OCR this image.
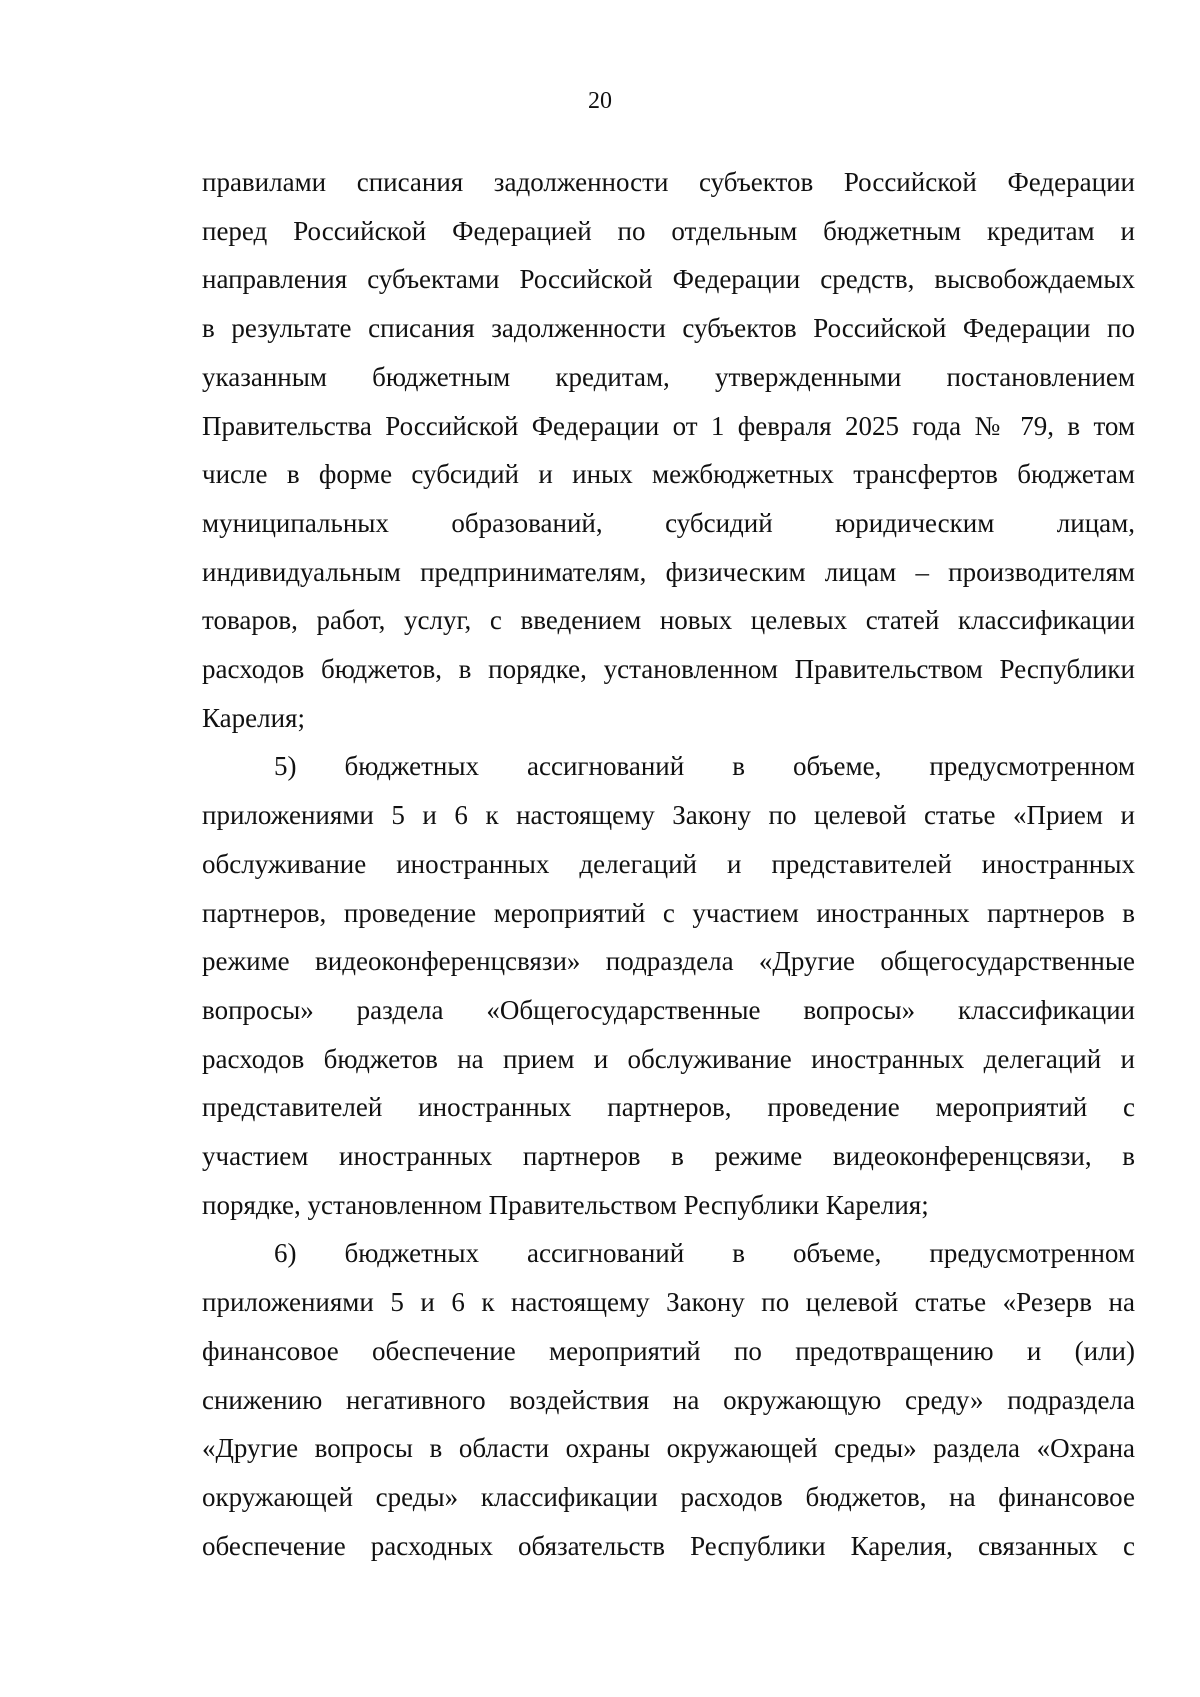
20
правилами списания задолженности субъектов Российской Федерации
перед Российской Федерацией по отдельным бюджетным кредитам и
направления субъектами Российской Федерации средств, высвобождаемых
в результате списания задолженности субъектов Российской Федерации по
указанным бюджетным кредитам, утвержденными постановлением
Правительства Российской Федерации от 1 февраля 2025 года № 79, в том
числе в форме субсидий и иных межбюджетных трансфертов бюджетам
муниципальных образований, субсидий юридическим лицам,
индивидуальным предпринимателям, физическим лицам – производителям
товаров, работ, услуг, с введением новых целевых статей классификации
расходов бюджетов, в порядке, установленном Правительством Республики
Карелия;
5) бюджетных ассигнований в объеме, предусмотренном
приложениями 5 и 6 к настоящему Закону по целевой статье «Прием и
обслуживание иностранных делегаций и представителей иностранных
партнеров, проведение мероприятий с участием иностранных партнеров в
режиме видеоконференцсвязи» подраздела «Другие общегосударственные
вопросы» раздела «Общегосударственные вопросы» классификации
расходов бюджетов на прием и обслуживание иностранных делегаций и
представителей иностранных партнеров, проведение мероприятий с
участием иностранных партнеров в режиме видеоконференцсвязи, в
порядке, установленном Правительством Республики Карелия;
6) бюджетных ассигнований в объеме, предусмотренном
приложениями 5 и 6 к настоящему Закону по целевой статье «Резерв на
финансовое обеспечение мероприятий по предотвращению и (или)
снижению негативного воздействия на окружающую среду» подраздела
«Другие вопросы в области охраны окружающей среды» раздела «Охрана
окружающей среды» классификации расходов бюджетов, на финансовое
обеспечение расходных обязательств Республики Карелия, связанных с
